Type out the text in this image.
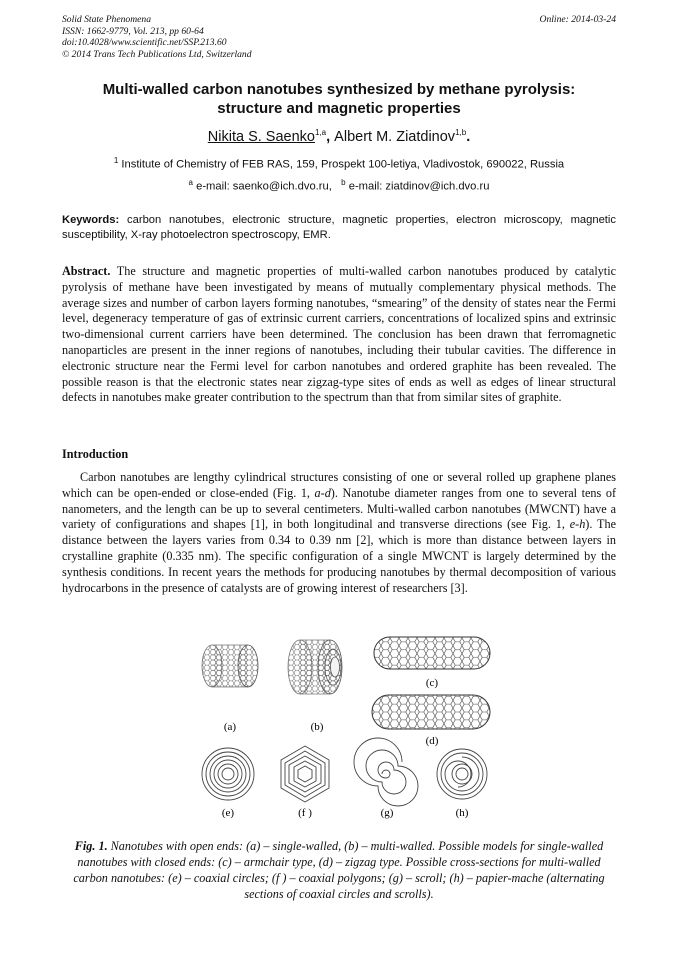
Solid State Phenomena
ISSN: 1662-9779, Vol. 213, pp 60-64
doi:10.4028/www.scientific.net/SSP.213.60
© 2014 Trans Tech Publications Ltd, Switzerland
Online: 2014-03-24
Multi-walled carbon nanotubes synthesized by methane pyrolysis:
structure and magnetic properties
Nikita S. Saenko$^{1,a}$, Albert M. Ziatdinov$^{1,b}$.
$^1$ Institute of Chemistry of FEB RAS, 159, Prospekt 100-letiya, Vladivostok, 690022, Russia
$^a$ e-mail: saenko@ich.dvo.ru, $^b$ e-mail: ziatdinov@ich.dvo.ru
Keywords: carbon nanotubes, electronic structure, magnetic properties, electron microscopy, magnetic susceptibility, X-ray photoelectron spectroscopy, EMR.

Abstract. The structure and magnetic properties of multi-walled carbon nanotubes produced by catalytic pyrolysis of methane have been investigated by means of mutually complementary physical methods. The average sizes and number of carbon layers forming nanotubes, “smearing” of the density of states near the Fermi level, degeneracy temperature of gas of extrinsic current carriers, concentrations of localized spins and extrinsic two-dimensional current carriers have been determined. The conclusion has been drawn that ferromagnetic nanoparticles are present in the inner regions of nanotubes, including their tubular cavities. The difference in electronic structure near the Fermi level for carbon nanotubes and ordered graphite has been revealed. The possible reason is that the electronic states near zigzag-type sites of ends as well as edges of linear structural defects in nanotubes make greater contribution to the spectrum than that from similar sites of graphite.

Introduction

Carbon nanotubes are lengthy cylindrical structures consisting of one or several rolled up graphene planes which can be open-ended or close-ended (Fig. 1, a-d). Nanotube diameter ranges from one to several tens of nanometers, and the length can be up to several centimeters. Multi-walled carbon nanotubes (MWCNT) have a variety of configurations and shapes [1], in both longitudinal and transverse directions (see Fig. 1, e-h). The distance between the layers varies from 0.34 to 0.39 nm [2], which is more than distance between layers in crystalline graphite (0.335 nm). The specific configuration of a single MWCNT is largely determined by the synthesis conditions. In recent years the methods for producing nanotubes by thermal decomposition of various hydrocarbons in the presence of catalysts are of growing interest of researchers [3].

(a)	(b)
(c)
(d)
(e)	(f )	(g)	(h)

Fig. 1. Nanotubes with open ends: (a) – single-walled, (b) – multi-walled. Possible models for single-walled nanotubes with closed ends: (c) – armchair type, (d) – zigzag type. Possible cross-sections for multi-walled carbon nanotubes: (e) – coaxial circles; (f ) – coaxial polygons; (g) – scroll; (h) – papier-mache (alternating sections of coaxial circles and scrolls).
